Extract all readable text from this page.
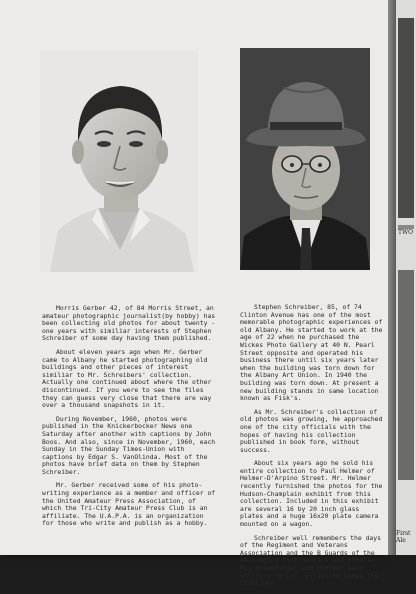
Morris Gerber 42, of 84 Morris Street, an amateur photographic journalist(by hobby) has been collecting old photos for about twenty - one years with similiar interests of Stephen Schreiber of some day having them published.

About eleven years ago when Mr. Gerber came to Albany he started photographing old buildings and other pieces of interest similiar to Mr. Schreibers' collection. Actually one continued about where the other discontinued. If you were to see the files they can guess very close that there are way over a thousand snapshots in it.

During November, 1960, photos were published in the Knickerbocker News one Saturday after another with captions by John Boos. And also, since in November, 1960, each Sunday in the Sunday Times-Union with captions by Edgar S. VanOlinda. Most of the photos have brief data on them by Stephen Schreiber.

Mr. Gerber received some of his photo-writing experience as a member and officer of the United Amateur Press Association, of which the Tri-City Amateur Press Club is an affiliate. The U.A.P.A. is an organization for those who write and publish as a hobby.

Stephen Schreiber, 85, of 74 Clinton Avenue has one of the most memorable photographic experiences of old Albany. He started to work at the age of 22 when he purchased the Wickes Photo Gallery at 40 N. Pearl Street opposite and operated his business there until six years later when the building was torn down for the Albany Art Union. In 1940 the building was torn down. At present a new building stands in same location known as Fisk's.

As Mr. Schreiber's collection of old photos was growing, he approached one of the city officials with the hopes of having his collection published in book form, without success.

About six years ago he sold his entire collection to Paul Helmer of Helmer-D'Arpino Street. Mr. Helmer recently furnished the photos for the Hudson-Champlain exhibit from this collection. Included in this exhibit are several 16 by 20 inch glass plates and a huge 16x20 plate camera mounted on a wagon.

Schreiber well remembers the days of the Regiment and Veterans Association and the B Guards of the Washington Continentals and others. His grandfather and brother were officers to Col. Ellsworth under the Civil War.

TWO
First Ale
